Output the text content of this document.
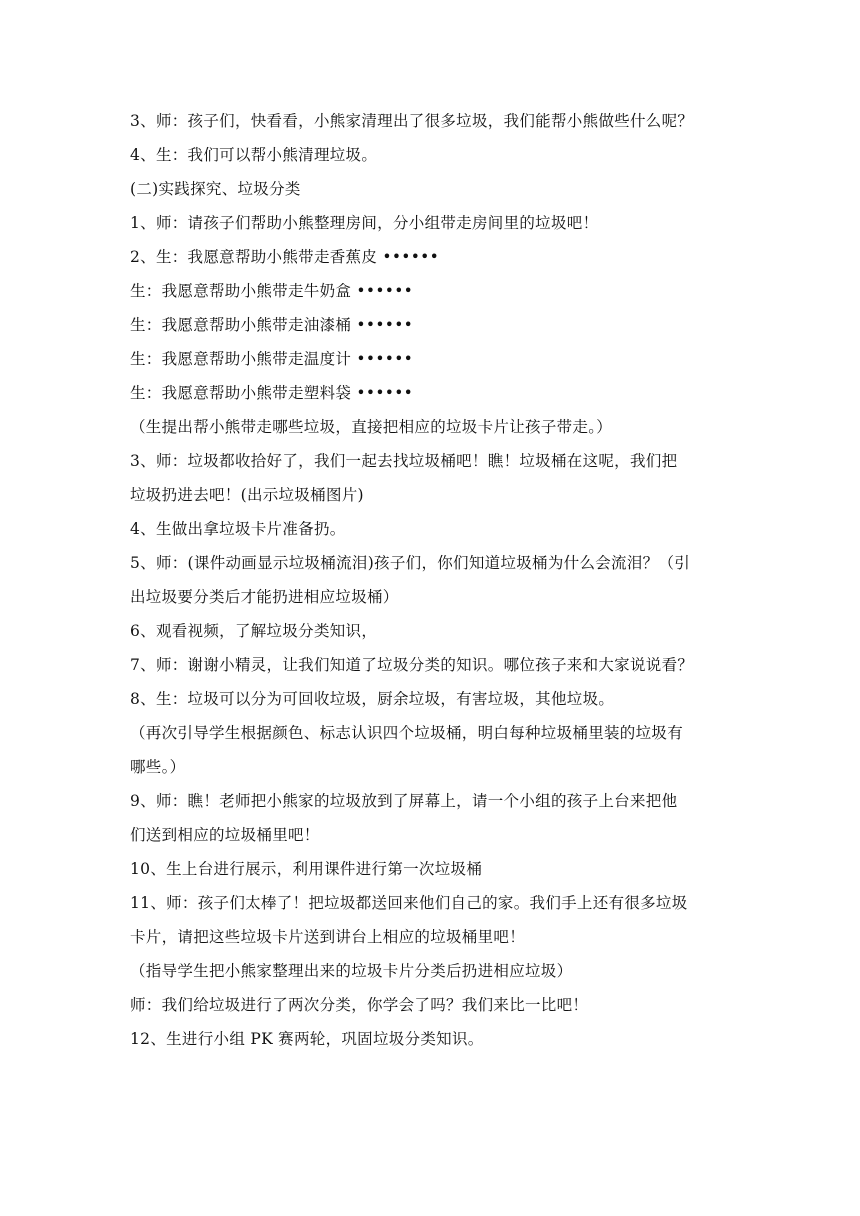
3、师：孩子们，快看看，小熊家清理出了很多垃圾，我们能帮小熊做些什么呢？
4、生：我们可以帮小熊清理垃圾。
(二)实践探究、垃圾分类
1、师：请孩子们帮助小熊整理房间，分小组带走房间里的垃圾吧！
2、生：我愿意帮助小熊带走香蕉皮 ••••••
生：我愿意帮助小熊带走牛奶盒 ••••••
生：我愿意帮助小熊带走油漆桶 ••••••
生：我愿意帮助小熊带走温度计 ••••••
生：我愿意帮助小熊带走塑料袋 ••••••
（生提出帮小熊带走哪些垃圾，直接把相应的垃圾卡片让孩子带走。）
3、师：垃圾都收拾好了，我们一起去找垃圾桶吧！瞧！垃圾桶在这呢，我们把
垃圾扔进去吧！(出示垃圾桶图片)
4、生做出拿垃圾卡片准备扔。
5、师：(课件动画显示垃圾桶流泪)孩子们，你们知道垃圾桶为什么会流泪？（引
出垃圾要分类后才能扔进相应垃圾桶）
6、观看视频，了解垃圾分类知识，
7、师：谢谢小精灵，让我们知道了垃圾分类的知识。哪位孩子来和大家说说看？
8、生：垃圾可以分为可回收垃圾，厨余垃圾，有害垃圾，其他垃圾。
（再次引导学生根据颜色、标志认识四个垃圾桶，明白每种垃圾桶里装的垃圾有
哪些。）
9、师：瞧！老师把小熊家的垃圾放到了屏幕上，请一个小组的孩子上台来把他
们送到相应的垃圾桶里吧！
10、生上台进行展示，利用课件进行第一次垃圾桶
11、师：孩子们太棒了！把垃圾都送回来他们自己的家。我们手上还有很多垃圾
卡片，请把这些垃圾卡片送到讲台上相应的垃圾桶里吧！
（指导学生把小熊家整理出来的垃圾卡片分类后扔进相应垃圾）
师：我们给垃圾进行了两次分类，你学会了吗？我们来比一比吧！
12、生进行小组 PK 赛两轮，巩固垃圾分类知识。
